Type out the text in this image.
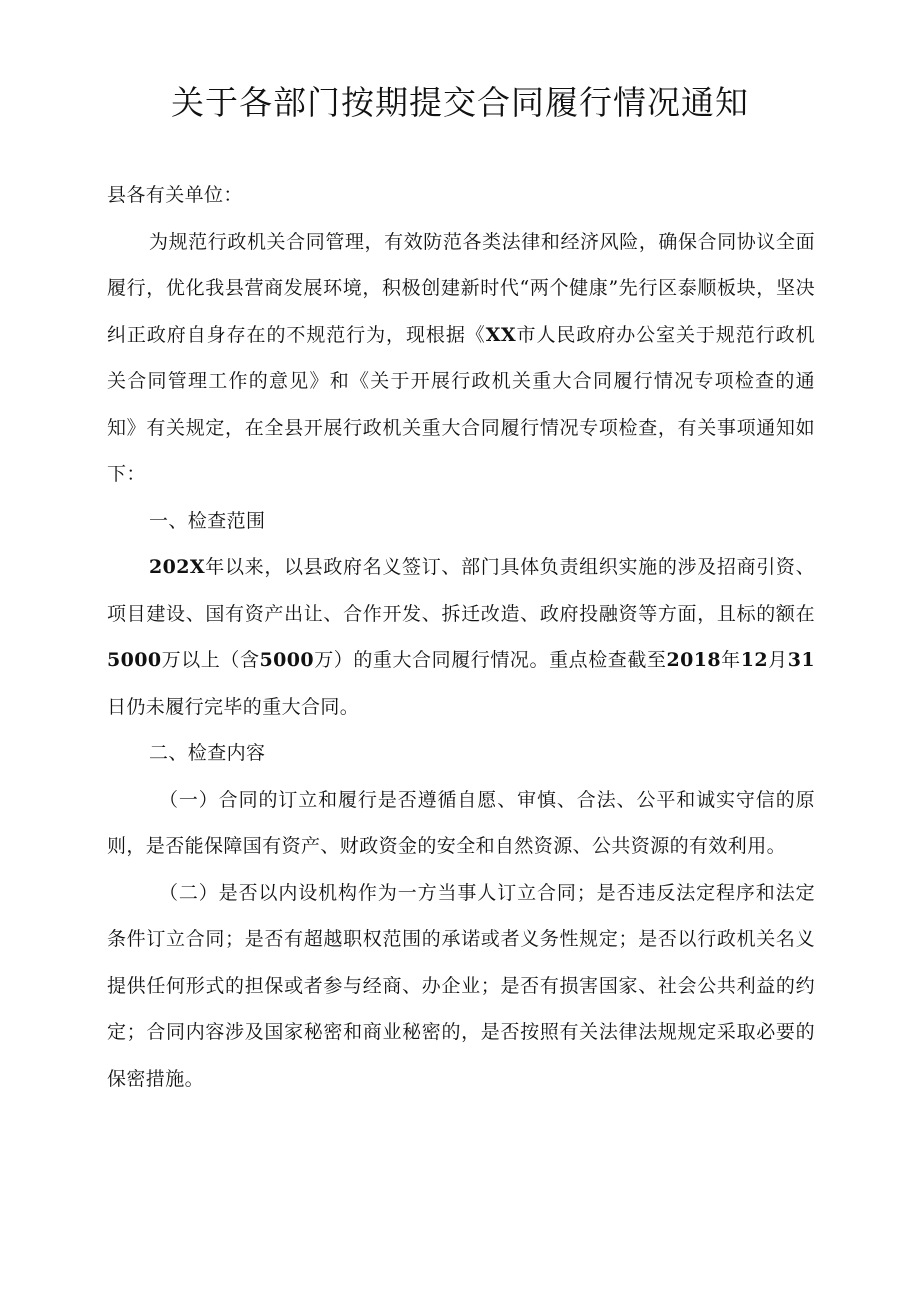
关于各部门按期提交合同履行情况通知

县各有关单位：

为规范行政机关合同管理，有效防范各类法律和经济风险，确保合同协议全面履行，优化我县营商发展环境，积极创建新时代“两个健康”先行区泰顺板块，坚决纠正政府自身存在的不规范行为，现根据《XX市人民政府办公室关于规范行政机关合同管理工作的意见》和《关于开展行政机关重大合同履行情况专项检查的通知》有关规定，在全县开展行政机关重大合同履行情况专项检查，有关事项通知如下：

一、检查范围

202X年以来，以县政府名义签订、部门具体负责组织实施的涉及招商引资、项目建设、国有资产出让、合作开发、拆迁改造、政府投融资等方面，且标的额在5000万以上（含5000万）的重大合同履行情况。重点检查截至2018年12月31日仍未履行完毕的重大合同。

二、检查内容

（一）合同的订立和履行是否遵循自愿、审慎、合法、公平和诚实守信的原则，是否能保障国有资产、财政资金的安全和自然资源、公共资源的有效利用。

（二）是否以内设机构作为一方当事人订立合同；是否违反法定程序和法定条件订立合同；是否有超越职权范围的承诺或者义务性规定；是否以行政机关名义提供任何形式的担保或者参与经商、办企业；是否有损害国家、社会公共利益的约定；合同内容涉及国家秘密和商业秘密的，是否按照有关法律法规规定采取必要的保密措施。
